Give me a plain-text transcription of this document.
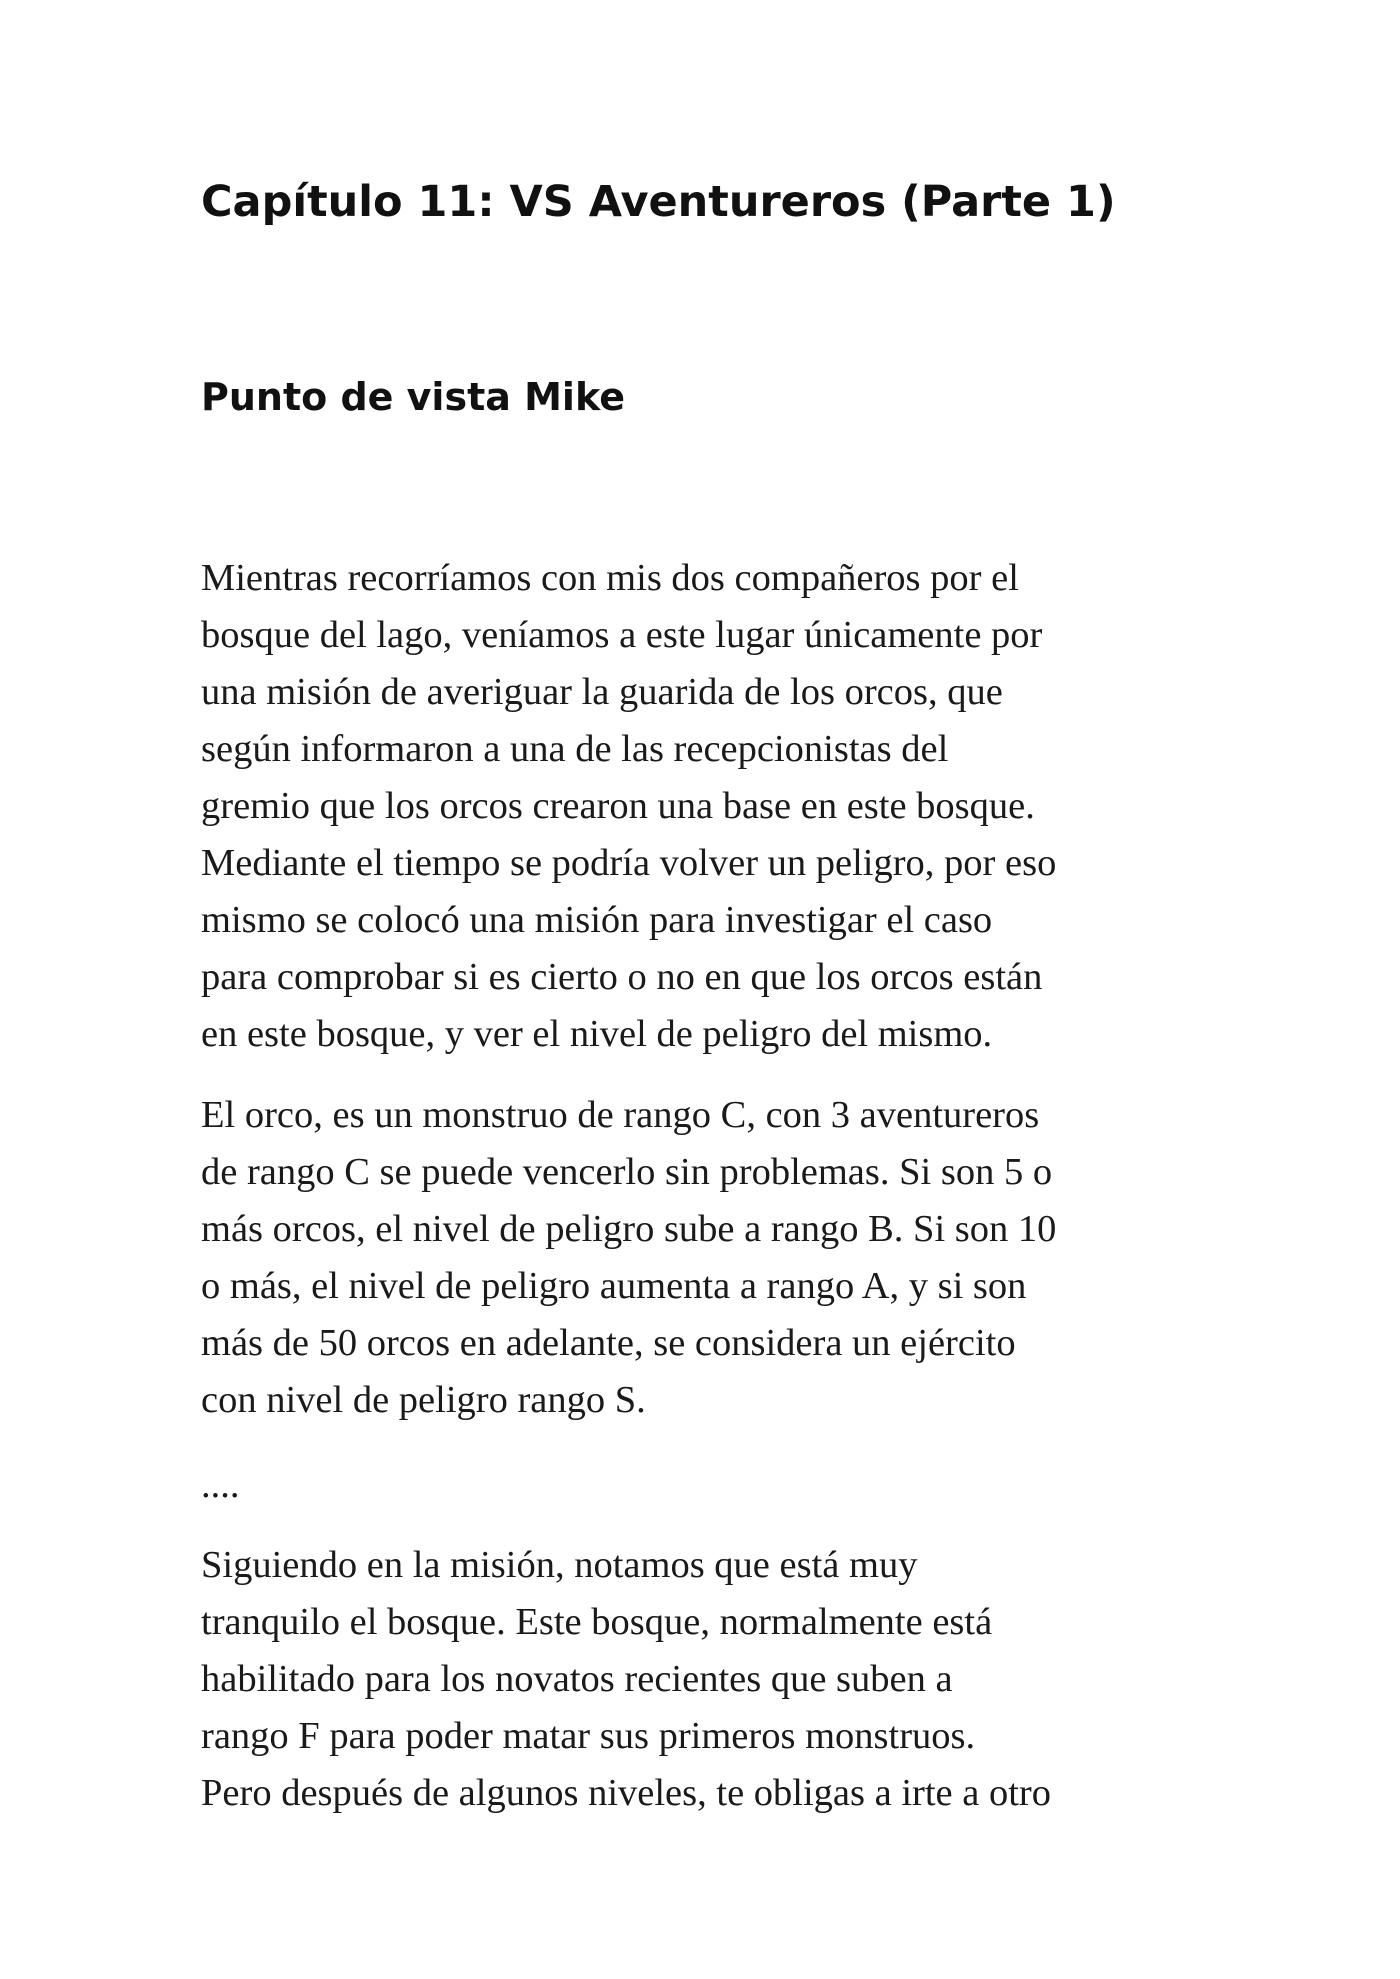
Capítulo 11: VS Aventureros (Parte 1)
Punto de vista Mike
Mientras recorríamos con mis dos compañeros por el
bosque del lago, veníamos a este lugar únicamente por
una misión de averiguar la guarida de los orcos, que
según informaron a una de las recepcionistas del
gremio que los orcos crearon una base en este bosque.
Mediante el tiempo se podría volver un peligro, por eso
mismo se colocó una misión para investigar el caso
para comprobar si es cierto o no en que los orcos están
en este bosque, y ver el nivel de peligro del mismo.
El orco, es un monstruo de rango C, con 3 aventureros
de rango C se puede vencerlo sin problemas. Si son 5 o
más orcos, el nivel de peligro sube a rango B. Si son 10
o más, el nivel de peligro aumenta a rango A, y si son
más de 50 orcos en adelante, se considera un ejército
con nivel de peligro rango S.
....
Siguiendo en la misión, notamos que está muy
tranquilo el bosque. Este bosque, normalmente está
habilitado para los novatos recientes que suben a
rango F para poder matar sus primeros monstruos.
Pero después de algunos niveles, te obligas a irte a otro
